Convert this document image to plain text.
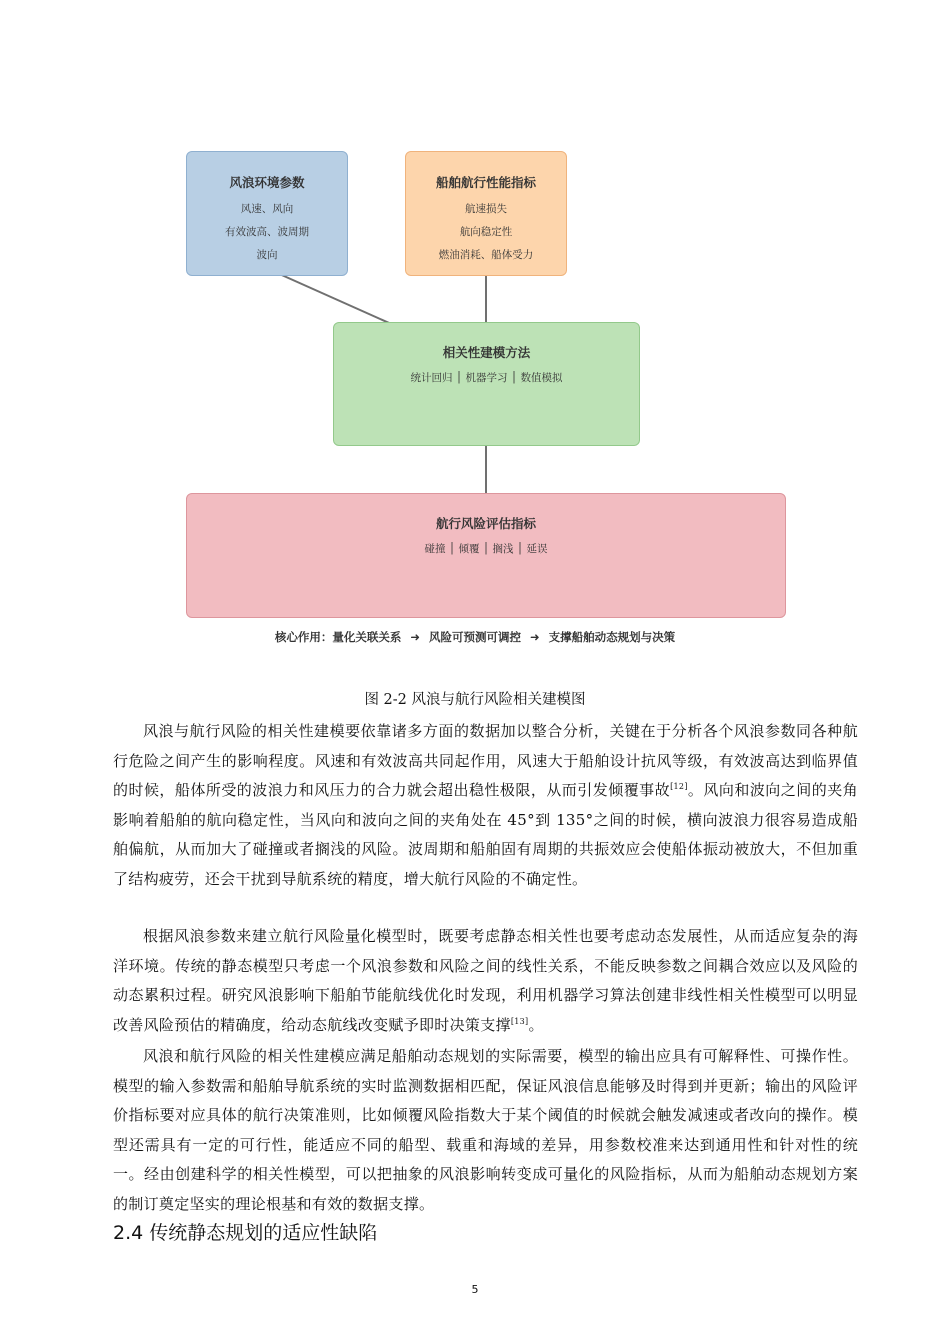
风浪环境参数
风速、风向
有效波高、波周期
波向
船舶航行性能指标
航速损失
航向稳定性
燃油消耗、船体受力
相关性建模方法
统计回归 │ 机器学习 │ 数值模拟
航行风险评估指标
碰撞 │ 倾覆 │ 搁浅 │ 延误
核心作用：量化关联关系 ➜ 风险可预测可调控 ➜ 支撑船舶动态规划与决策
图 2-2 风浪与航行风险相关建模图

风浪与航行风险的相关性建模要依靠诸多方面的数据加以整合分析，关键在于分析各个风浪参数同各种航行危险之间产生的影响程度。风速和有效波高共同起作用，风速大于船舶设计抗风等级，有效波高达到临界值的时候，船体所受的波浪力和风压力的合力就会超出稳性极限，从而引发倾覆事故[12]。风向和波向之间的夹角影响着船舶的航向稳定性，当风向和波向之间的夹角处在 45°到 135°之间的时候，横向波浪力很容易造成船舶偏航，从而加大了碰撞或者搁浅的风险。波周期和船舶固有周期的共振效应会使船体振动被放大，不但加重了结构疲劳，还会干扰到导航系统的精度，增大航行风险的不确定性。

根据风浪参数来建立航行风险量化模型时，既要考虑静态相关性也要考虑动态发展性，从而适应复杂的海洋环境。传统的静态模型只考虑一个风浪参数和风险之间的线性关系，不能反映参数之间耦合效应以及风险的动态累积过程。研究风浪影响下船舶节能航线优化时发现，利用机器学习算法创建非线性相关性模型可以明显改善风险预估的精确度，给动态航线改变赋予即时决策支撑[13]。

风浪和航行风险的相关性建模应满足船舶动态规划的实际需要，模型的输出应具有可解释性、可操作性。模型的输入参数需和船舶导航系统的实时监测数据相匹配，保证风浪信息能够及时得到并更新；输出的风险评价指标要对应具体的航行决策准则，比如倾覆风险指数大于某个阈值的时候就会触发减速或者改向的操作。模型还需具有一定的可行性，能适应不同的船型、载重和海域的差异，用参数校准来达到通用性和针对性的统一。经由创建科学的相关性模型，可以把抽象的风浪影响转变成可量化的风险指标，从而为船舶动态规划方案的制订奠定坚实的理论根基和有效的数据支撑。

2.4 传统静态规划的适应性缺陷
5
